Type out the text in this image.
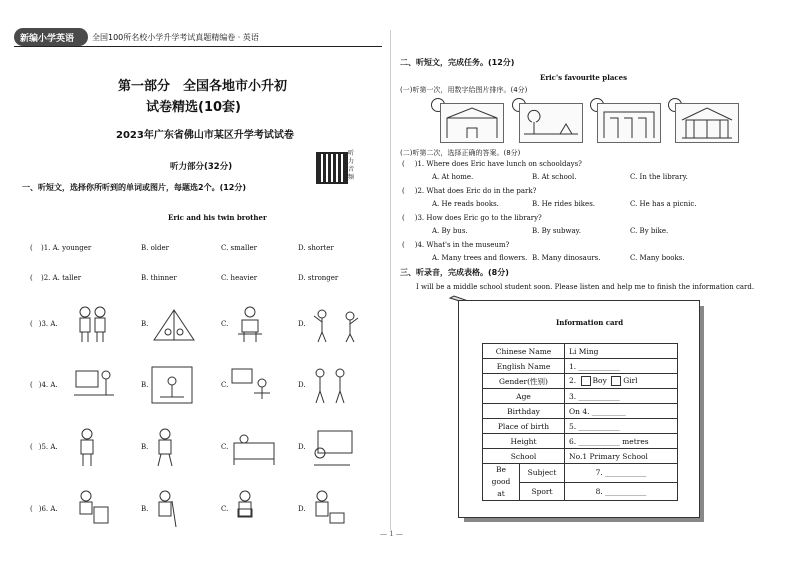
新编小学英语 全国100所名校小学升学考试真题精编卷 · 英语
第一部分　全国各地市小升初
试卷精选(10套)
2023年广东省佛山市某区升学考试试卷
听力部分(32分)
听力音频
一、听短文，选择你所听到的单词或图片，每题选2个。(12分)
Eric and his twin brother
( )1. A. younger	B. older	C. smaller	D. shorter
( )2. A. taller	B. thinner	C. heavier	D. stronger
( )3. A.	B.	C.	D.
( )4. A.	B.	C.	D.
( )5. A.	B.	C.	D.
( )6. A.	B.	C.	D.
二、听短文，完成任务。(12分)
Eric's favourite places
(一)听第一次，用数字给图片排序。(4分)
(二)听第二次，选择正确的答案。(8分)
( )1. Where does Eric have lunch on schooldays?
A. At home.	B. At school.	C. In the library.
( )2. What does Eric do in the park?
A. He reads books.	B. He rides bikes.	C. He has a picnic.
( )3. How does Eric go to the library?
A. By bus.	B. By subway.	C. By bike.
( )4. What's in the museum?
A. Many trees and flowers. B. Many dinosaurs.	C. Many books.
三、听录音，完成表格。(8分)
I will be a middle school student soon. Please listen and help me to finish the information card.
Information card
Chinese Name		Li Ming
English Name		1. ___________
Gender(性别)		2. Boy Girl
Age		3. ___________
Birthday		On 4. _________
Place of birth		5. ___________
Height		6. ___________ metres
School		No.1 Primary School
Be good at	Subject	7. ___________
	Sport	8. ___________
— 1 —
